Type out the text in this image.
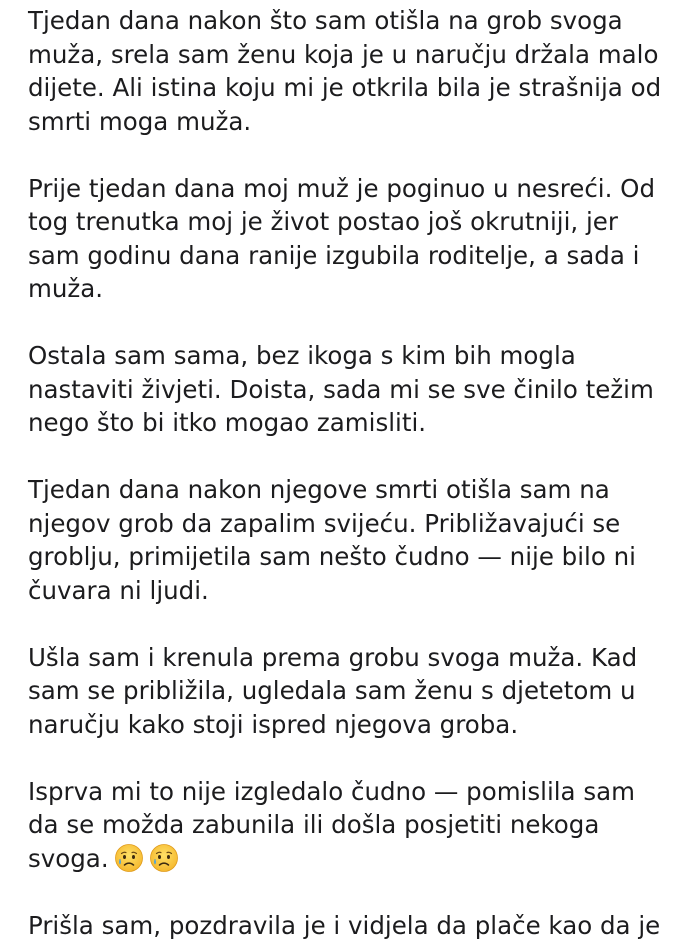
Tjedan dana nakon što sam otišla na grob svoga
muža, srela sam ženu koja je u naručju držala malo
dijete. Ali istina koju mi je otkrila bila je strašnija od
smrti moga muža.

Prije tjedan dana moj muž je poginuo u nesreći. Od
tog trenutka moj je život postao još okrutniji, jer
sam godinu dana ranije izgubila roditelje, a sada i
muža.

Ostala sam sama, bez ikoga s kim bih mogla
nastaviti živjeti. Doista, sada mi se sve činilo težim
nego što bi itko mogao zamisliti.

Tjedan dana nakon njegove smrti otišla sam na
njegov grob da zapalim svijeću. Približavajući se
groblju, primijetila sam nešto čudno — nije bilo ni
čuvara ni ljudi.

Ušla sam i krenula prema grobu svoga muža. Kad
sam se približila, ugledala sam ženu s djetetom u
naručju kako stoji ispred njegova groba.

Isprva mi to nije izgledalo čudno — pomislila sam
da se možda zabunila ili došla posjetiti nekoga
svoga.

Prišla sam, pozdravila je i vidjela da plače kao da je
